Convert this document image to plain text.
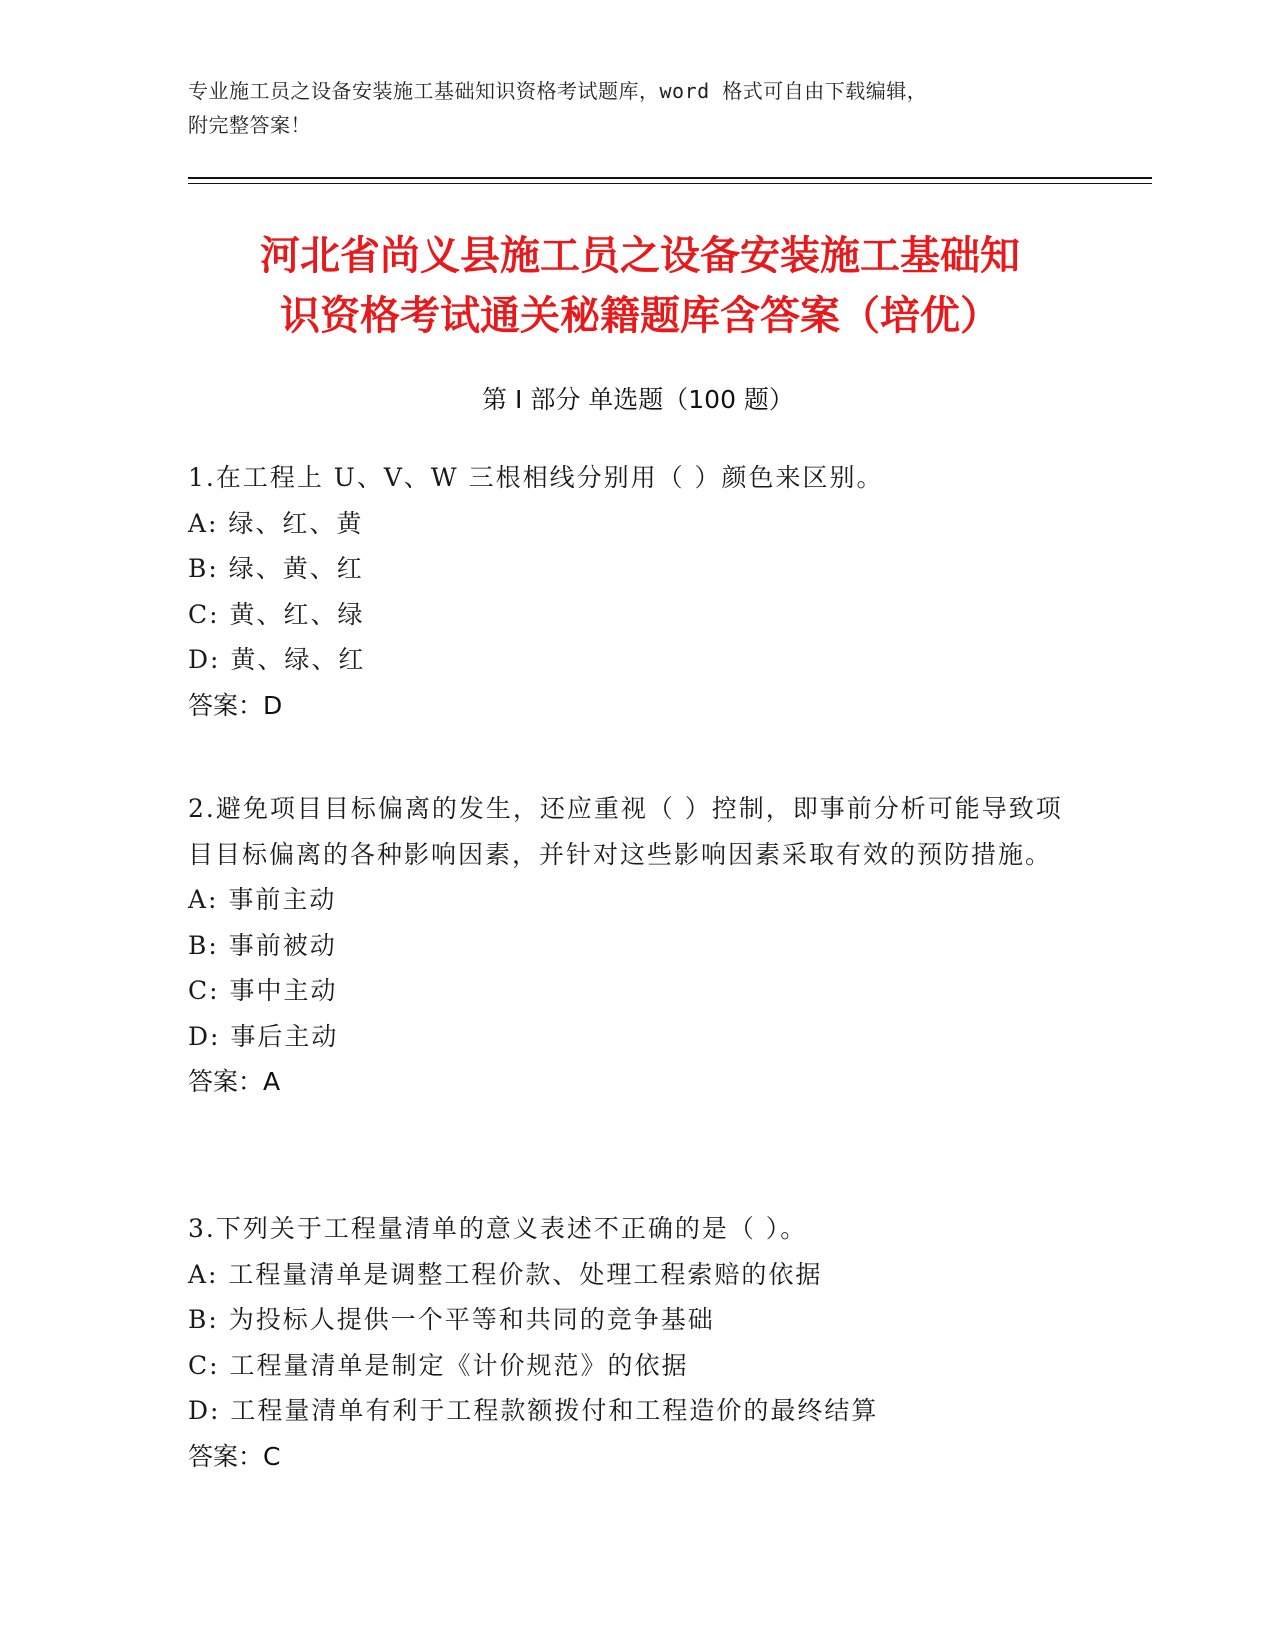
专业施工员之设备安装施工基础知识资格考试题库，word 格式可自由下载编辑，
附完整答案！
河北省尚义县施工员之设备安装施工基础知
识资格考试通关秘籍题库含答案（培优）
第 I 部分 单选题（100 题）
1.在工程上 U、V、W 三根相线分别用（ ）颜色来区别。
A: 绿、红、黄
B: 绿、黄、红
C: 黄、红、绿
D: 黄、绿、红
答案：D
2.避免项目目标偏离的发生，还应重视（ ）控制，即事前分析可能导致项目目标偏离的各种影响因素，并针对这些影响因素采取有效的预防措施。
A: 事前主动
B: 事前被动
C: 事中主动
D: 事后主动
答案：A
3.下列关于工程量清单的意义表述不正确的是（ ）。
A: 工程量清单是调整工程价款、处理工程索赔的依据
B: 为投标人提供一个平等和共同的竞争基础
C: 工程量清单是制定《计价规范》的依据
D: 工程量清单有利于工程款额拨付和工程造价的最终结算
答案：C
